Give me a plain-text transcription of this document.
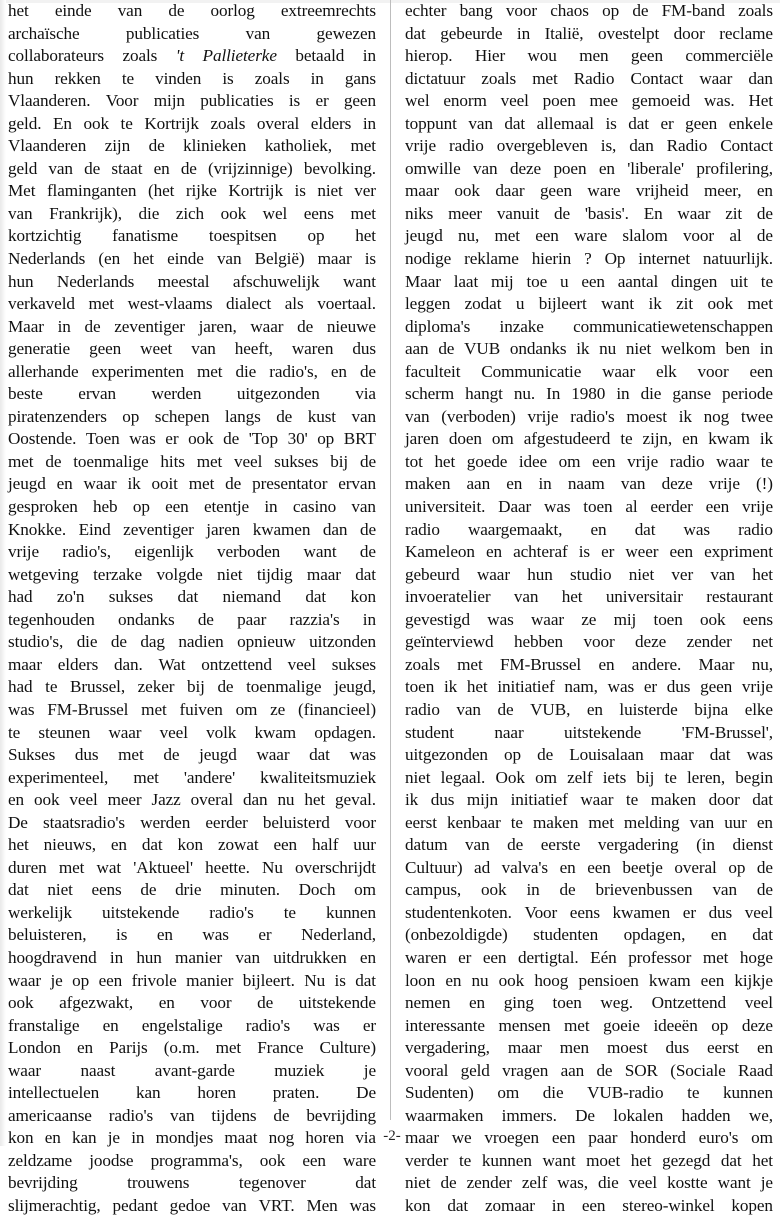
het einde van de oorlog extreemrechts
archaïsche	publicaties	van	gewezen
collaborateurs zoals 't Pallieterke betaald in
hun rekken te vinden is zoals in gans
Vlaanderen. Voor mijn publicaties is er geen
geld. En ook te Kortrijk zoals overal elders in
Vlaanderen zijn de klinieken katholiek, met
geld van de staat en de (vrijzinnige) bevolking.
Met flaminganten (het rijke Kortrijk is niet ver
van Frankrijk), die zich ook wel eens met
kortzichtig fanatisme toespitsen op het
Nederlands (en het einde van België) maar is
hun Nederlands meestal afschuwelijk want
verkaveld met west-vlaams dialect als voertaal.
Maar in de zeventiger jaren, waar de nieuwe
generatie geen weet van heeft, waren dus
allerhande experimenten met die radio's, en de
beste ervan werden uitgezonden via
piratenzenders op schepen langs de kust van
Oostende. Toen was er ook de 'Top 30' op BRT
met de toenmalige hits met veel sukses bij de
jeugd en waar ik ooit met de presentator ervan
gesproken heb op een etentje in casino van
Knokke. Eind zeventiger jaren kwamen dan de
vrije radio's, eigenlijk verboden want de
wetgeving terzake volgde niet tijdig maar dat
had zo'n sukses dat niemand dat kon
tegenhouden ondanks de paar razzia's in
studio's, die de dag nadien opnieuw uitzonden
maar elders dan. Wat ontzettend veel sukses
had te Brussel, zeker bij de toenmalige jeugd,
was FM-Brussel met fuiven om ze (financieel)
te steunen waar veel volk kwam opdagen.
Sukses dus met de jeugd waar dat was
experimenteel, met 'andere' kwaliteitsmuziek
en ook veel meer Jazz overal dan nu het geval.
De staatsradio's werden eerder beluisterd voor
het nieuws, en dat kon zowat een half uur
duren met wat 'Aktueel' heette. Nu overschrijdt
dat niet eens de drie minuten. Doch om
werkelijk uitstekende radio's te kunnen
beluisteren, is en was er Nederland,
hoogdravend in hun manier van uitdrukken en
waar je op een frivole manier bijleert. Nu is dat
ook afgezwakt, en voor de uitstekende
franstalige en engelstalige radio's was er
London en Parijs (o.m. met France Culture)
waar naast avant-garde muziek je
intellectuelen kan horen praten. De
americaanse radio's van tijdens de bevrijding
kon en kan je in mondjes maat nog horen via
zeldzame joodse programma's, ook een ware
bevrijding	trouwens	tegenover	dat
slijmerachtig, pedant gedoe van VRT. Men was
echter bang voor chaos op de FM-band zoals
dat gebeurde in Italië, ovestelpt door reclame
hierop. Hier wou men geen commerciële
dictatuur zoals met Radio Contact waar dan
wel enorm veel poen mee gemoeid was. Het
toppunt van dat allemaal is dat er geen enkele
vrije radio overgebleven is, dan Radio Contact
omwille van deze poen en 'liberale' profilering,
maar ook daar geen ware vrijheid meer, en
niks meer vanuit de 'basis'. En waar zit de
jeugd nu, met een ware slalom voor al de
nodige reklame hierin ? Op internet natuurlijk.
Maar laat mij toe u een aantal dingen uit te
leggen zodat u bijleert want ik zit ook met
diploma's inzake communicatiewetenschappen
aan de VUB ondanks ik nu niet welkom ben in
faculteit Communicatie waar elk voor een
scherm hangt nu. In 1980 in die ganse periode
van (verboden) vrije radio's moest ik nog twee
jaren doen om afgestudeerd te zijn, en kwam ik
tot het goede idee om een vrije radio waar te
maken aan en in naam van deze vrije (!)
universiteit. Daar was toen al eerder een vrije
radio waargemaakt, en dat was radio
Kameleon en achteraf is er weer een expriment
gebeurd waar hun studio niet ver van het
invoeratelier van het universitair restaurant
gevestigd was waar ze mij toen ook eens
geïnterviewd hebben voor deze zender net
zoals met FM-Brussel en andere. Maar nu,
toen ik het initiatief nam, was er dus geen vrije
radio van de VUB, en luisterde bijna elke
student naar uitstekende 'FM-Brussel',
uitgezonden op de Louisalaan maar dat was
niet legaal. Ook om zelf iets bij te leren, begin
ik dus mijn initiatief waar te maken door dat
eerst kenbaar te maken met melding van uur en
datum van de eerste vergadering (in dienst
Cultuur) ad valva's en een beetje overal op de
campus, ook in de brievenbussen van de
studentenkoten. Voor eens kwamen er dus veel
(onbezoldigde) studenten opdagen, en dat
waren er een dertigtal. Eén professor met hoge
loon en nu ook hoog pensioen kwam een kijkje
nemen en ging toen weg. Ontzettend veel
interessante mensen met goeie ideeën op deze
vergadering, maar men moest dus eerst en
vooral geld vragen aan de SOR (Sociale Raad
Sudenten) om die VUB-radio te kunnen
waarmaken immers. De lokalen hadden we,
maar we vroegen een paar honderd euro's om
verder te kunnen want moet het gezegd dat het
niet de zender zelf was, die veel kostte want je
kon dat zomaar in een stereo-winkel kopen
-2-
